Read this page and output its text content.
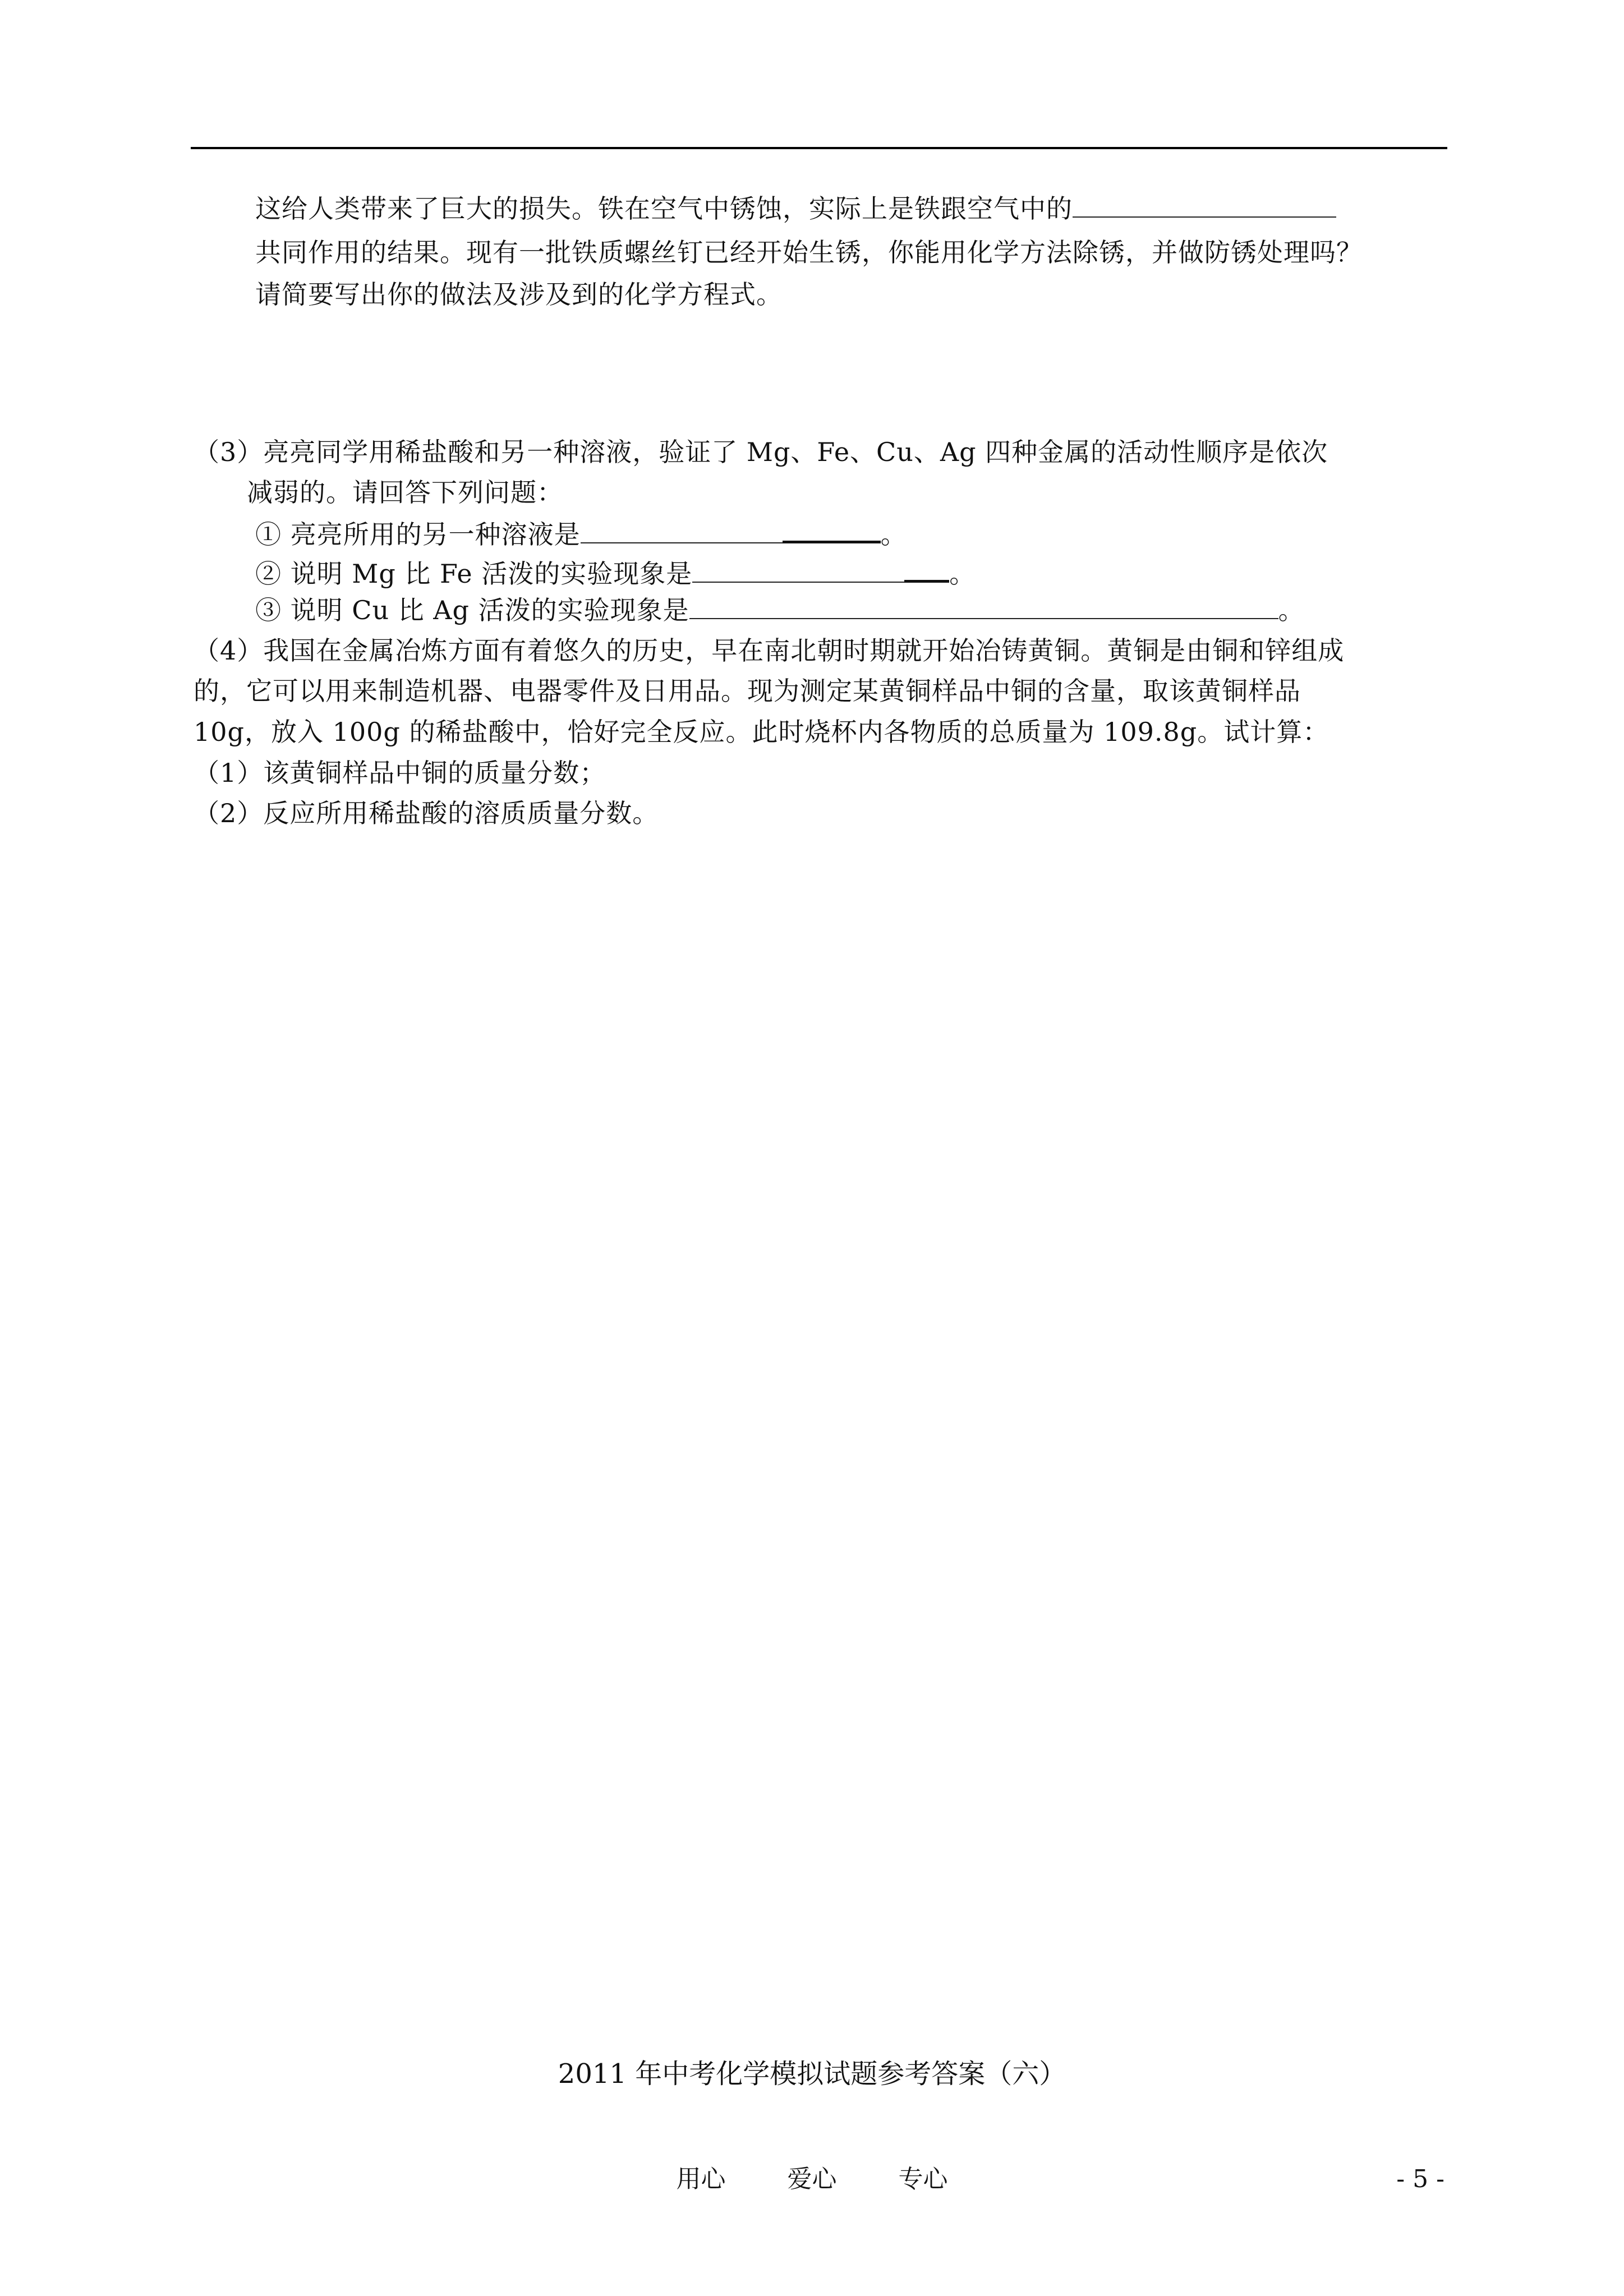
这给人类带来了巨大的损失。铁在空气中锈蚀，实际上是铁跟空气中的
共同作用的结果。现有一批铁质螺丝钉已经开始生锈，你能用化学方法除锈，并做防锈处理吗？
请简要写出你的做法及涉及到的化学方程式。
（3）亮亮同学用稀盐酸和另一种溶液，验证了 Mg、Fe、Cu、Ag 四种金属的活动性顺序是依次
减弱的。请回答下列问题：
① 亮亮所用的另一种溶液是	。
② 说明 Mg 比 Fe 活泼的实验现象是	。
③ 说明 Cu 比 Ag 活泼的实验现象是	。
（4）我国在金属冶炼方面有着悠久的历史，早在南北朝时期就开始冶铸黄铜。黄铜是由铜和锌组成
的，它可以用来制造机器、电器零件及日用品。现为测定某黄铜样品中铜的含量，取该黄铜样品
10g，放入 100g 的稀盐酸中，恰好完全反应。此时烧杯内各物质的总质量为 109.8g。试计算：
（1）该黄铜样品中铜的质量分数；
（2）反应所用稀盐酸的溶质质量分数。
2011 年中考化学模拟试题参考答案（六）
用心	爱心	专心	- 5 -
